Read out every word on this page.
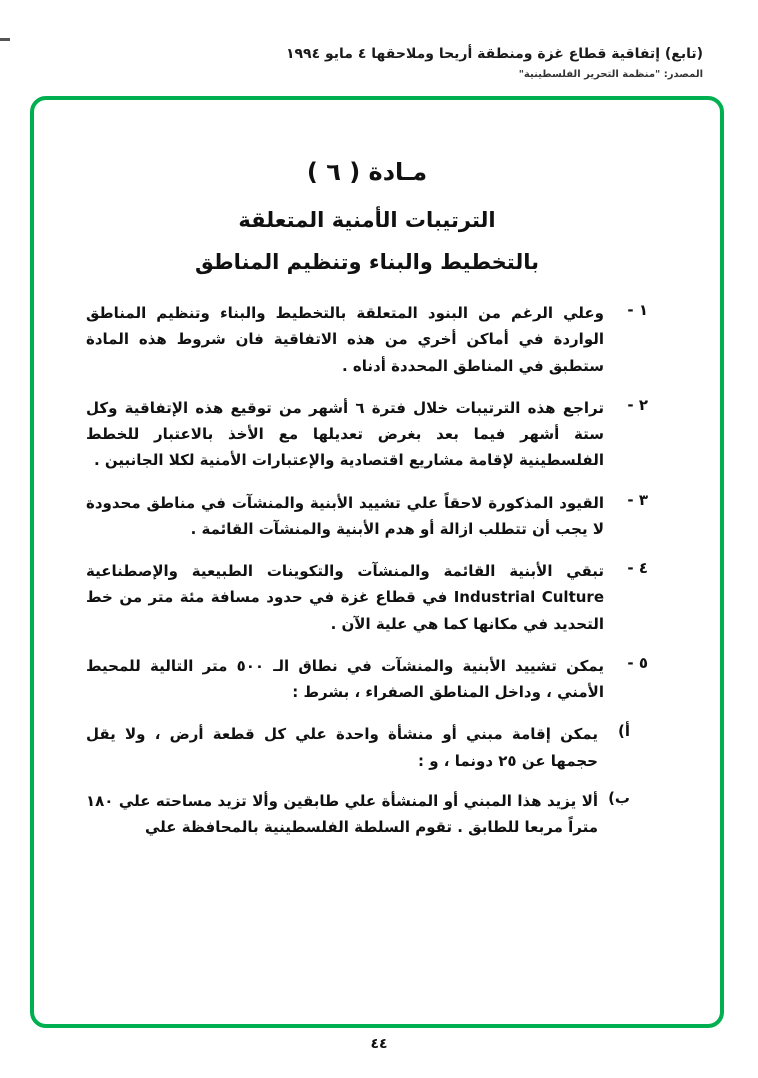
(تابع) إتفاقية قطاع غزة ومنطقة أريحا وملاحقها ٤ مايو ١٩٩٤
المصدر: "منظمة التحرير الفلسطينية"
مـادة ( ٦ )
الترتيبات الأمنية المتعلقة
بالتخطيط والبناء وتنظيم المناطق
١ -
وعلي الرغم من البنود المتعلقة بالتخطيط والبناء وتنظيم المناطق الواردة في أماكن أخري من هذه الاتفاقية فان شروط هذه المادة ستطبق في المناطق المحددة أدناه .
٢ -
تراجع هذه الترتيبات خلال فترة ٦ أشهر من توقيع هذه الإتفاقية وكل ستة أشهر فيما بعد بغرض تعديلها مع الأخذ بالاعتبار للخطط الفلسطينية لإقامة مشاريع اقتصادية والإعتبارات الأمنية لكلا الجانبين .
٣ -
القيود المذكورة لاحقاً علي تشييد الأبنية والمنشآت في مناطق محدودة لا يجب أن تتطلب ازالة أو هدم الأبنية والمنشآت القائمة .
٤ -
تبقي الأبنية القائمة والمنشآت والتكوينات الطبيعية والإصطناعية Industrial Culture في قطاع غزة في حدود مسافة مئة متر من خط التحديد في مكانها كما هي علية الآن .
٥ -
يمكن تشييد الأبنية والمنشآت في نطاق الـ ٥٠٠ متر التالية للمحيط الأمني ، وداخل المناطق الصفراء ، بشرط :
أ)
يمكن إقامة مبني أو منشأة واحدة علي كل قطعة أرض ، ولا يقل حجمها عن ٢٥ دونما ، و :
ب)
ألا يزيد هذا المبني أو المنشأة علي طابقين وألا تزيد مساحته علي ١٨٠ متراً مربعا للطابق . تقوم السلطة الفلسطينية بالمحافظة علي
٤٤
